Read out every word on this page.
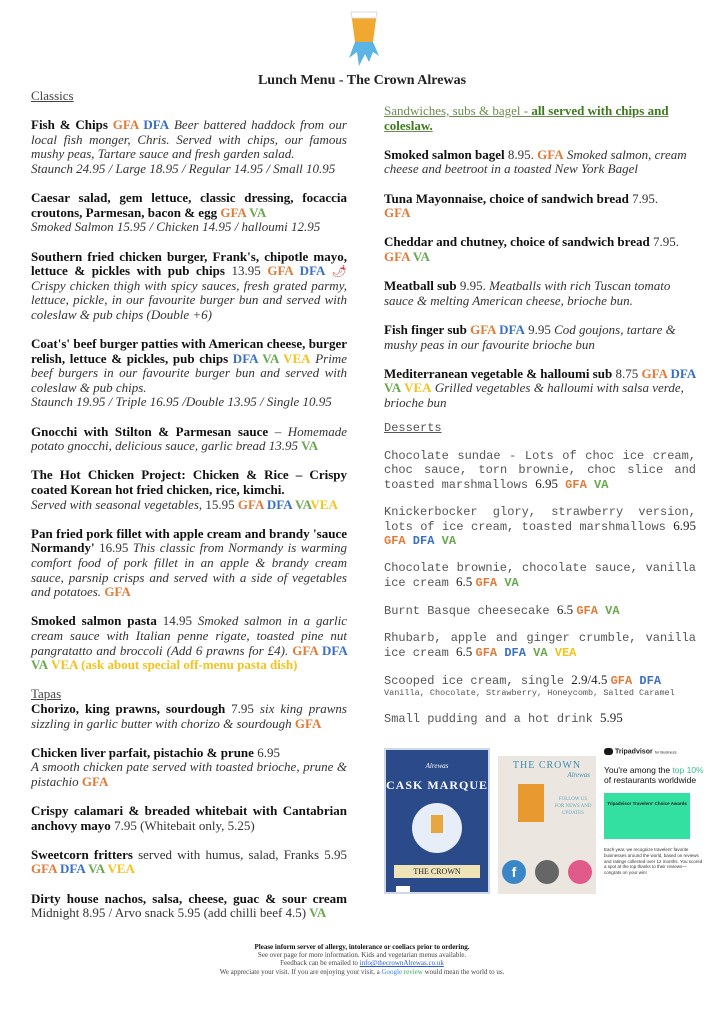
Lunch Menu - The Crown Alrewas
Classics
Fish & Chips GFA DFA Beer battered haddock from our local fish monger, Chris. Served with chips, our famous mushy peas, Tartare sauce and fresh garden salad.
Staunch 24.95 / Large 18.95 / Regular 14.95 / Small 10.95
Caesar salad, gem lettuce, classic dressing, focaccia croutons, Parmesan, bacon & egg GFA VA
Smoked Salmon 15.95 / Chicken 14.95 / halloumi 12.95
Southern fried chicken burger, Frank's, chipotle mayo, lettuce & pickles with pub chips 13.95 GFA DFA 🌶 Crispy chicken thigh with spicy sauces, fresh grated parmy, lettuce, pickle, in our favourite burger bun and served with coleslaw & pub chips (Double +6)
Coat's' beef burger patties with American cheese, burger relish, lettuce & pickles, pub chips DFA VA VEA Prime beef burgers in our favourite burger bun and served with coleslaw & pub chips.
Staunch 19.95 / Triple 16.95 /Double 13.95 / Single 10.95
Gnocchi with Stilton & Parmesan sauce – Homemade potato gnocchi, delicious sauce, garlic bread 13.95 VA
The Hot Chicken Project: Chicken & Rice – Crispy coated Korean hot fried chicken, rice, kimchi.
Served with seasonal vegetables, 15.95 GFA DFA VAVEA
Pan fried pork fillet with apple cream and brandy 'sauce Normandy' 16.95 This classic from Normandy is warming comfort food of pork fillet in an apple & brandy cream sauce, parsnip crisps and served with a side of vegetables and potatoes. GFA
Smoked salmon pasta 14.95 Smoked salmon in a garlic cream sauce with Italian penne rigate, toasted pine nut pangratatto and broccoli (Add 6 prawns for £4). GFA DFA VA VEA (ask about special off-menu pasta dish)
Tapas
Chorizo, king prawns, sourdough 7.95 six king prawns sizzling in garlic butter with chorizo & sourdough GFA
Chicken liver parfait, pistachio & prune 6.95
A smooth chicken pate served with toasted brioche, prune & pistachio GFA
Crispy calamari & breaded whitebait with Cantabrian anchovy mayo 7.95 (Whitebait only, 5.25)
Sweetcorn fritters served with humus, salad, Franks 5.95 GFA DFA VA VEA
Dirty house nachos, salsa, cheese, guac & sour cream Midnight 8.95 / Arvo snack 5.95 (add chilli beef 4.5) VA
Sandwiches, subs & bagel - all served with chips and coleslaw.
Smoked salmon bagel 8.95. GFA Smoked salmon, cream cheese and beetroot in a toasted New York Bagel
Tuna Mayonnaise, choice of sandwich bread 7.95.
GFA
Cheddar and chutney, choice of sandwich bread 7.95. GFA VA
Meatball sub 9.95. Meatballs with rich Tuscan tomato sauce & melting American cheese, brioche bun.
Fish finger sub GFA DFA 9.95 Cod goujons, tartare & mushy peas in our favourite brioche bun
Mediterranean vegetable & halloumi sub 8.75 GFA DFA VA VEA Grilled vegetables & halloumi with salsa verde, brioche bun
Desserts
Chocolate sundae - Lots of choc ice cream, choc sauce, torn brownie, choc slice and toasted marshmallows 6.95 GFA VA
Knickerbocker glory, strawberry version, lots of ice cream, toasted marshmallows 6.95 GFA DFA VA
Chocolate brownie, chocolate sauce, vanilla ice cream 6.5 GFA VA
Burnt Basque cheesecake 6.5 GFA VA
Rhubarb, apple and ginger crumble, vanilla ice cream 6.5 GFA DFA VA VEA
Scooped ice cream, single 2.9/4.5 GFA DFA
Vanilla, Chocolate, Strawberry, Honeycomb, Salted Caramel
Small pudding and a hot drink 5.95
Alrewas
CASK MARQUE
THE CROWN
THE CROWN
Alrewas
FOLLOW US FOR NEWS AND UPDATES
f
Tripadvisor for Business
You're among the top 10% of restaurants worldwide
Tripadvisor Travelers' Choice Awards
Each year, we recognize travelers' favorite businesses around the world, based on reviews and ratings collected over 12 months. You scored a spot at the top thanks to their reviews—congrats on your win!
Please inform server of allergy, intolerance or coeliacs prior to ordering.
See over page for more information. Kids and vegetarian menus available.
Feedback can be emailed to info@thecrownAlrewas.co.uk
We appreciate your visit. If you are enjoying your visit, a Google review would mean the world to us.
